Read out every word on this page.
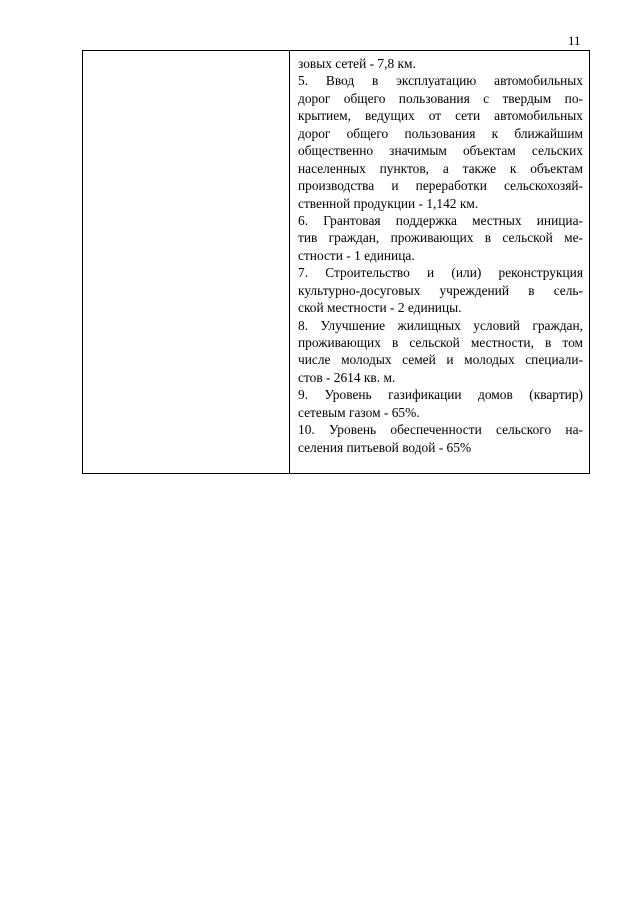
11
зовых сетей - 7,8 км.
5. Ввод в эксплуатацию автомобильных
дорог общего пользования с твердым по-
крытием, ведущих от сети автомобильных
дорог общего пользования к ближайшим
общественно значимым объектам сельских
населенных пунктов, а также к объектам
производства и переработки сельскохозяй-
ственной продукции - 1,142 км.
6. Грантовая поддержка местных инициа-
тив граждан, проживающих в сельской ме-
стности - 1 единица.
7. Строительство и (или) реконструкция
культурно-досуговых учреждений в сель-
ской местности - 2 единицы.
8. Улучшение жилищных условий граждан,
проживающих в сельской местности, в том
числе молодых семей и молодых специали-
стов - 2614 кв. м.
9. Уровень газификации домов (квартир)
сетевым газом - 65%.
10. Уровень обеспеченности сельского на-
селения питьевой водой - 65%
